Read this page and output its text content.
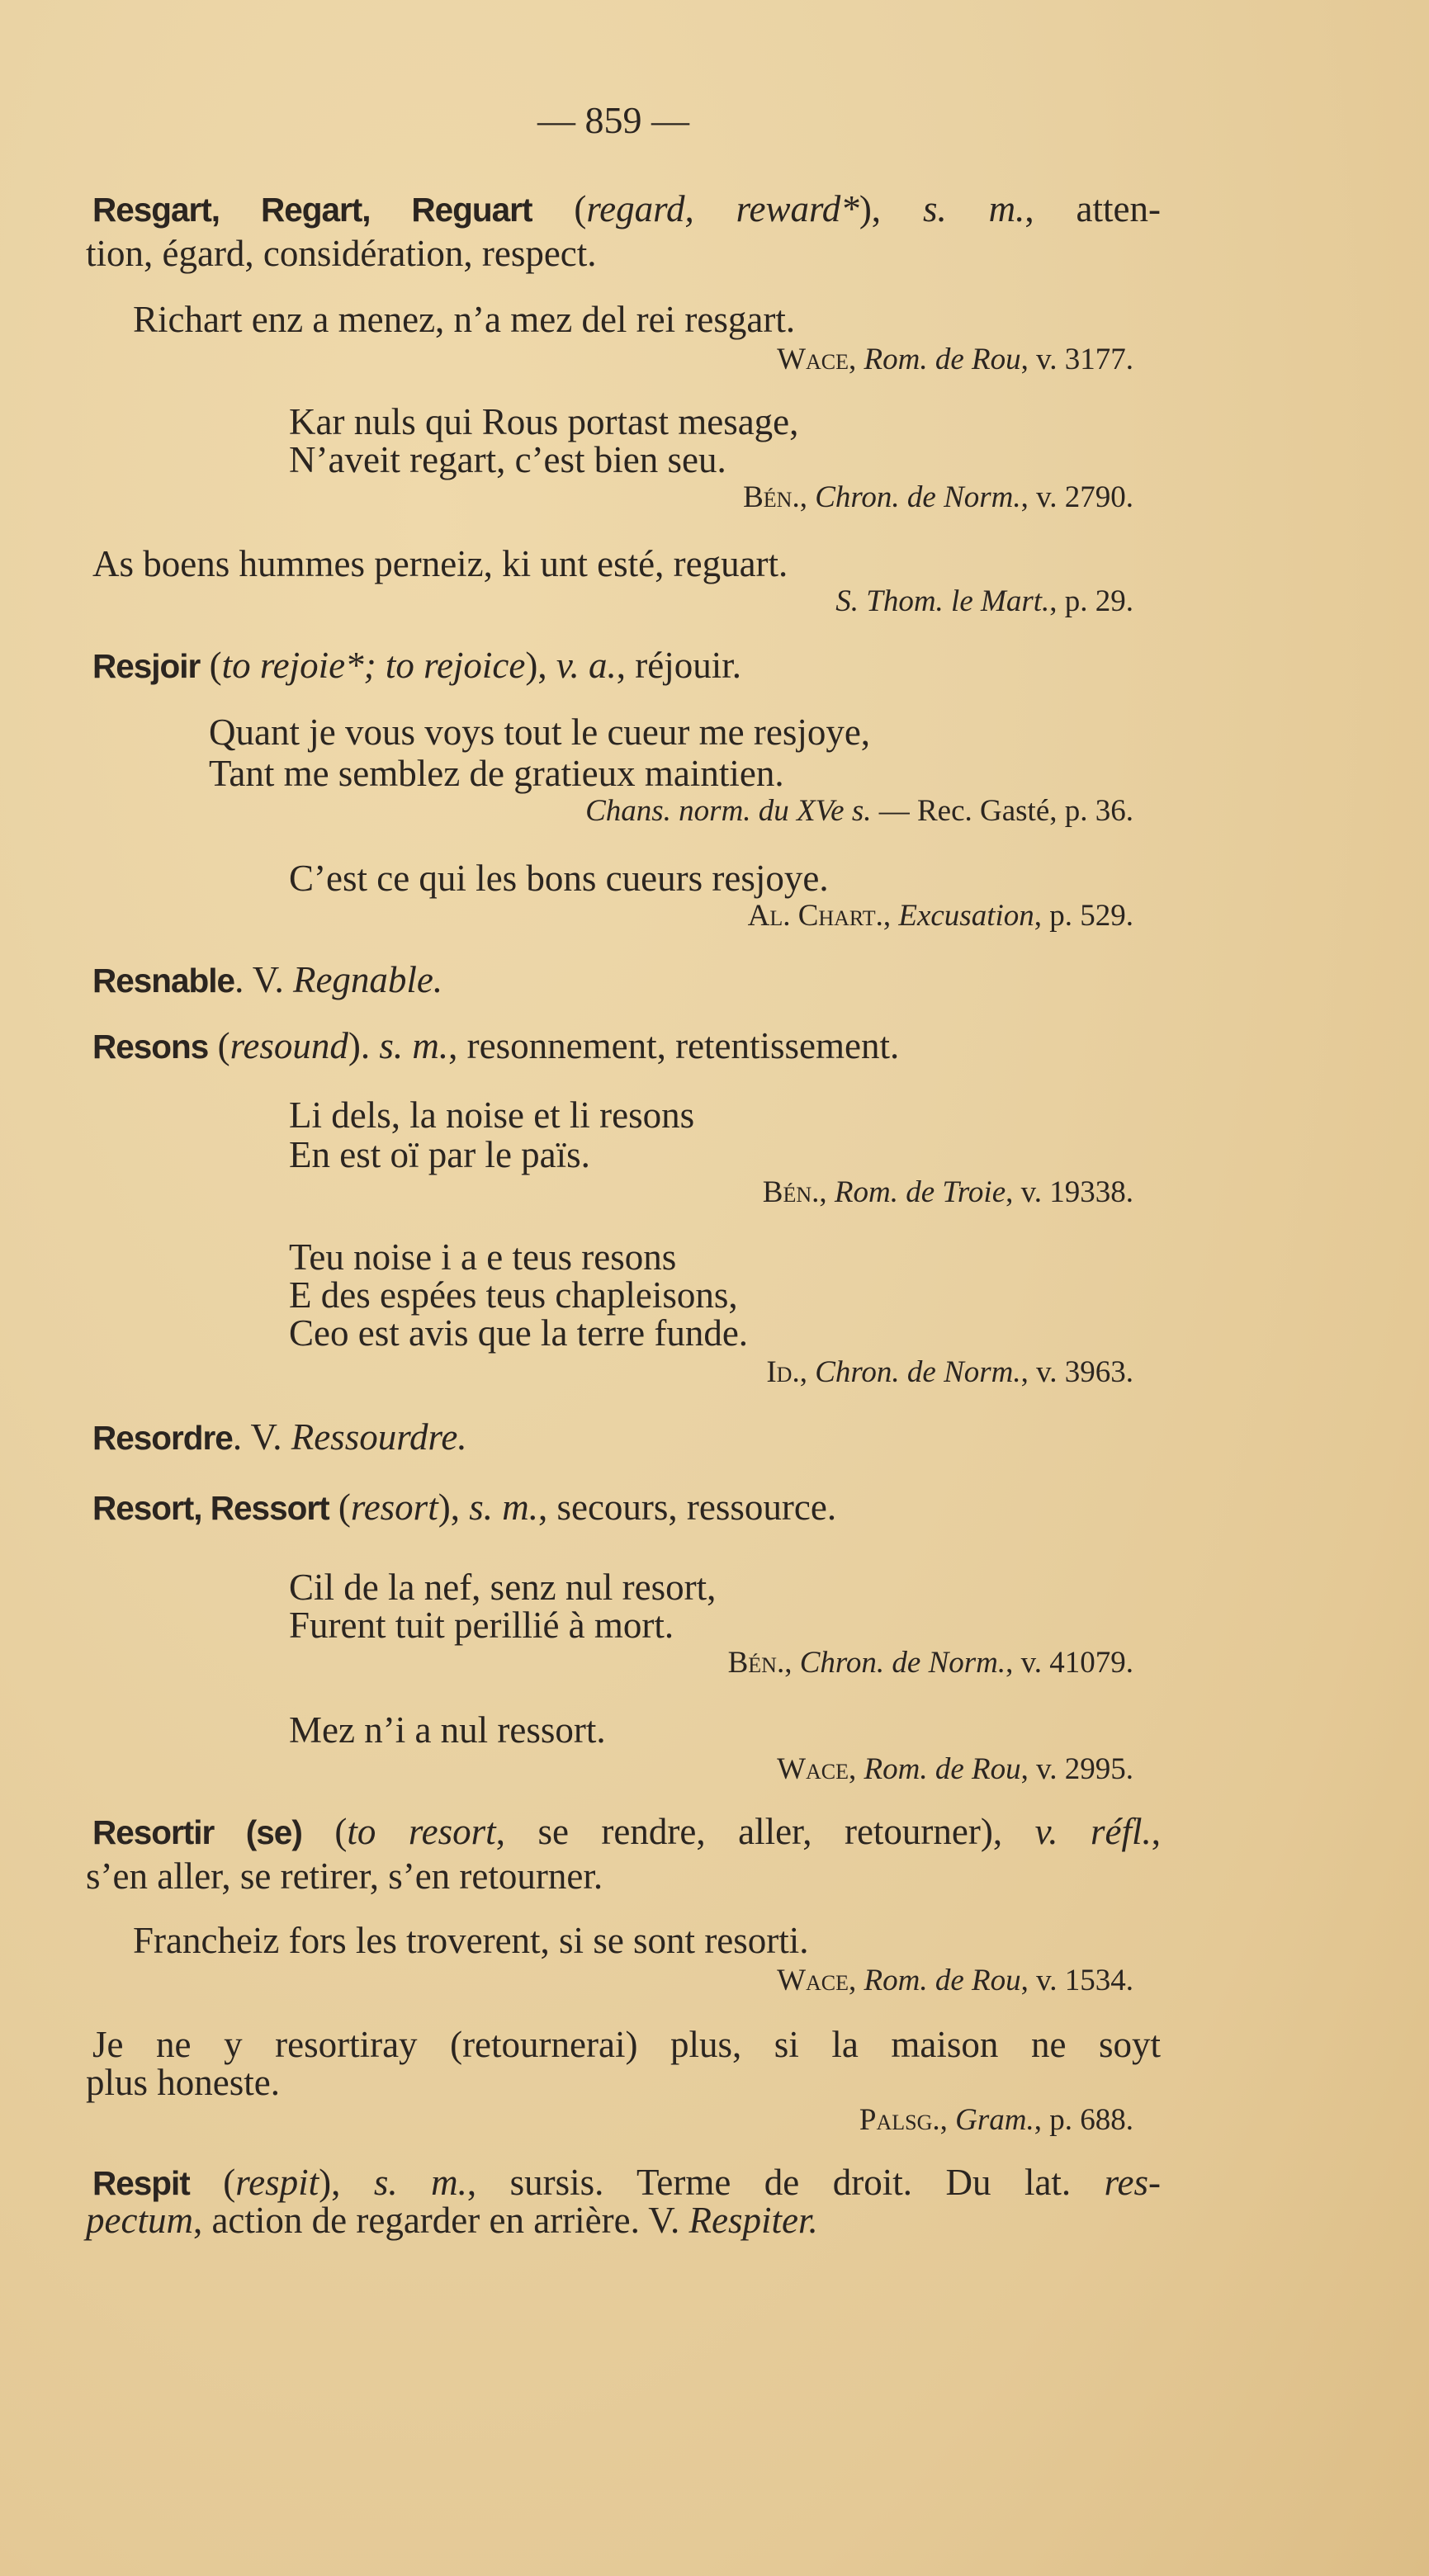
— 859 —
Resgart, Regart, Reguart (regard, reward*), s. m., atten-
tion, égard, considération, respect.
Richart enz a menez, n’a mez del rei resgart.
Wace, Rom. de Rou, v. 3177.
Kar nuls qui Rous portast mesage,
N’aveit regart, c’est bien seu.
Bén., Chron. de Norm., v. 2790.
As boens hummes perneiz, ki unt esté, reguart.
S. Thom. le Mart., p. 29.
Resjoir (to rejoie*; to rejoice), v. a., réjouir.
Quant je vous voys tout le cueur me resjoye,
Tant me semblez de gratieux maintien.
Chans. norm. du XVe s. — Rec. Gasté, p. 36.
C’est ce qui les bons cueurs resjoye.
Al. Chart., Excusation, p. 529.
Resnable. V. Regnable.
Resons (resound). s. m., resonnement, retentissement.
Li dels, la noise et li resons
En est oï par le païs.
Bén., Rom. de Troie, v. 19338.
Teu noise i a e teus resons
E des espées teus chapleisons,
Ceo est avis que la terre funde.
Id., Chron. de Norm., v. 3963.
Resordre. V. Ressourdre.
Resort, Ressort (resort), s. m., secours, ressource.
Cil de la nef, senz nul resort,
Furent tuit perillié à mort.
Bén., Chron. de Norm., v. 41079.
Mez n’i a nul ressort.
Wace, Rom. de Rou, v. 2995.
Resortir (se) (to resort, se rendre, aller, retourner), v. réfl.,
s’en aller, se retirer, s’en retourner.
Francheiz fors les troverent, si se sont resorti.
Wace, Rom. de Rou, v. 1534.
Je ne y resortiray (retournerai) plus, si la maison ne soyt
plus honeste.
Palsg., Gram., p. 688.
Respit (respit), s. m., sursis. Terme de droit. Du lat. res-
pectum, action de regarder en arrière. V. Respiter.
